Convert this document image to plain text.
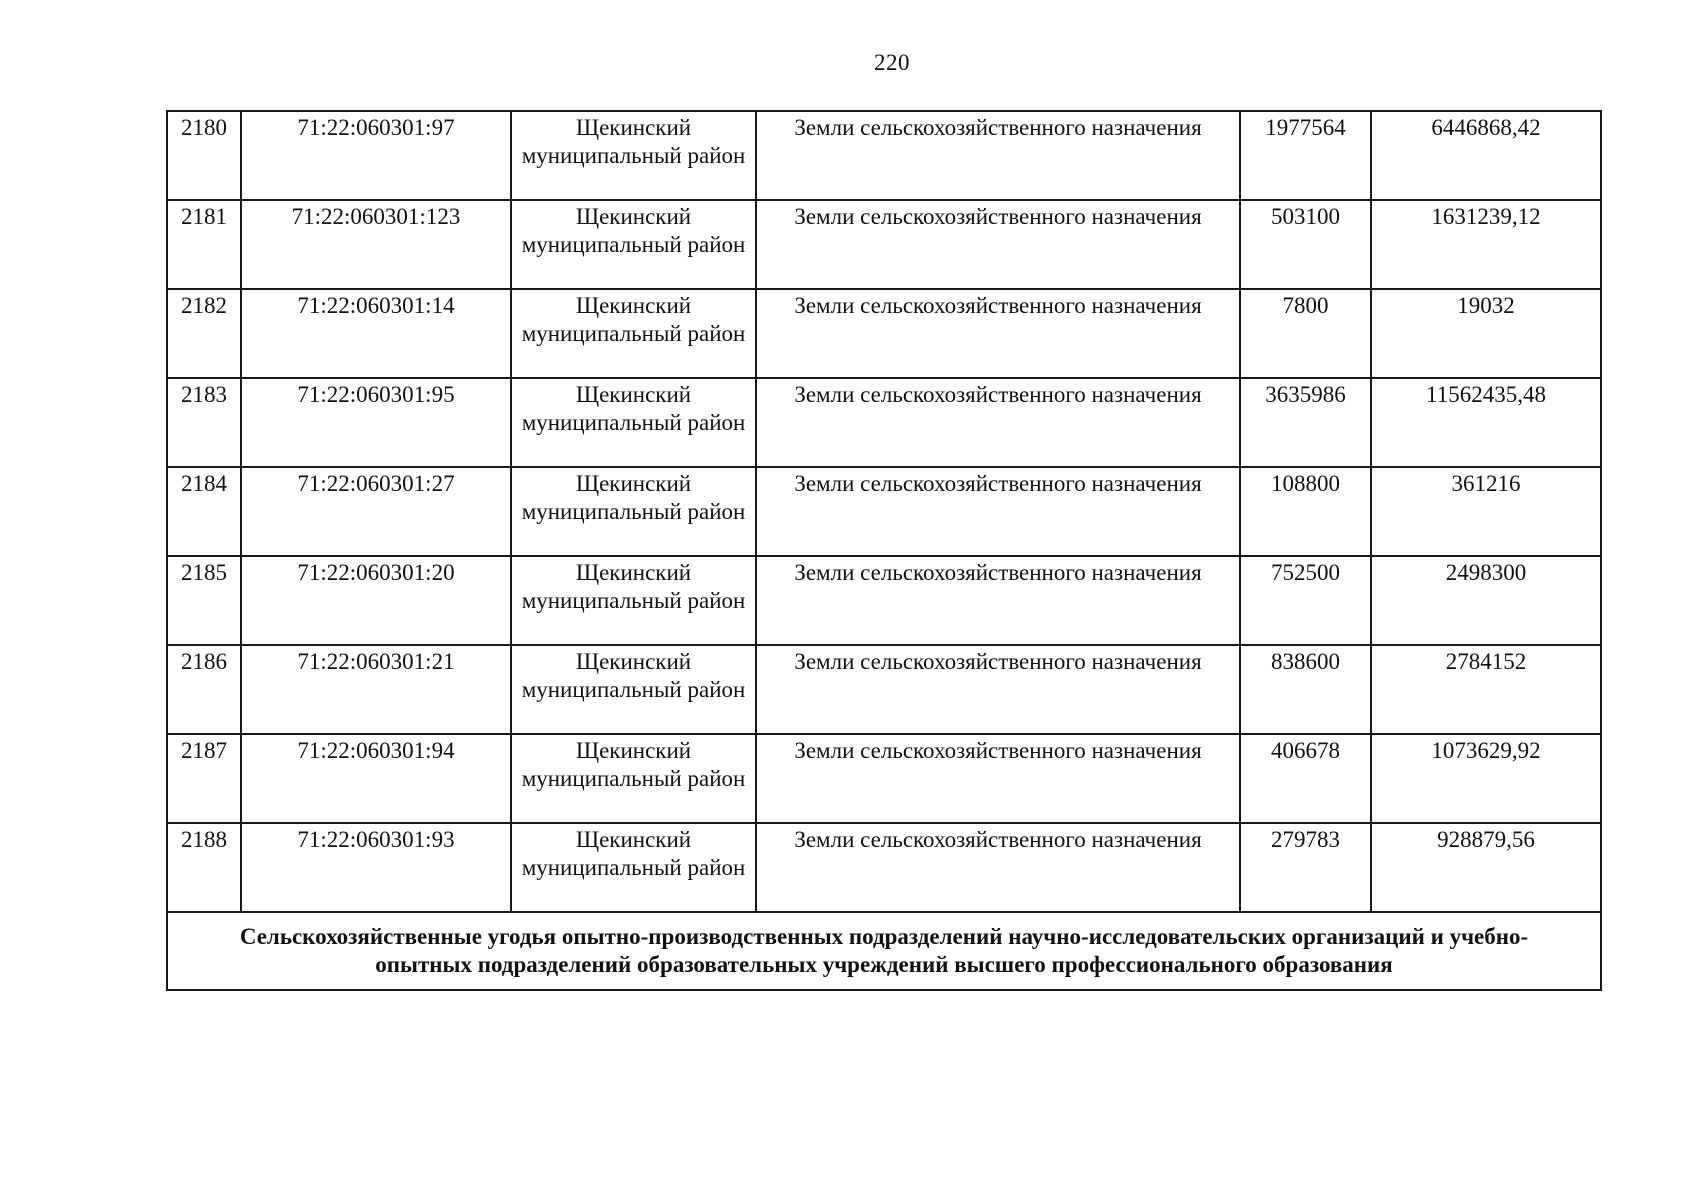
220
2180	71:22:060301:97	Щекинский муниципальный район	Земли сельскохозяйственного назначения	1977564	6446868,42
2181	71:22:060301:123	Щекинский муниципальный район	Земли сельскохозяйственного назначения	503100	1631239,12
2182	71:22:060301:14	Щекинский муниципальный район	Земли сельскохозяйственного назначения	7800	19032
2183	71:22:060301:95	Щекинский муниципальный район	Земли сельскохозяйственного назначения	3635986	11562435,48
2184	71:22:060301:27	Щекинский муниципальный район	Земли сельскохозяйственного назначения	108800	361216
2185	71:22:060301:20	Щекинский муниципальный район	Земли сельскохозяйственного назначения	752500	2498300
2186	71:22:060301:21	Щекинский муниципальный район	Земли сельскохозяйственного назначения	838600	2784152
2187	71:22:060301:94	Щекинский муниципальный район	Земли сельскохозяйственного назначения	406678	1073629,92
2188	71:22:060301:93	Щекинский муниципальный район	Земли сельскохозяйственного назначения	279783	928879,56
Сельскохозяйственные угодья опытно-производственных подразделений научно-исследовательских организаций и учебно-опытных подразделений образовательных учреждений высшего профессионального образования					
